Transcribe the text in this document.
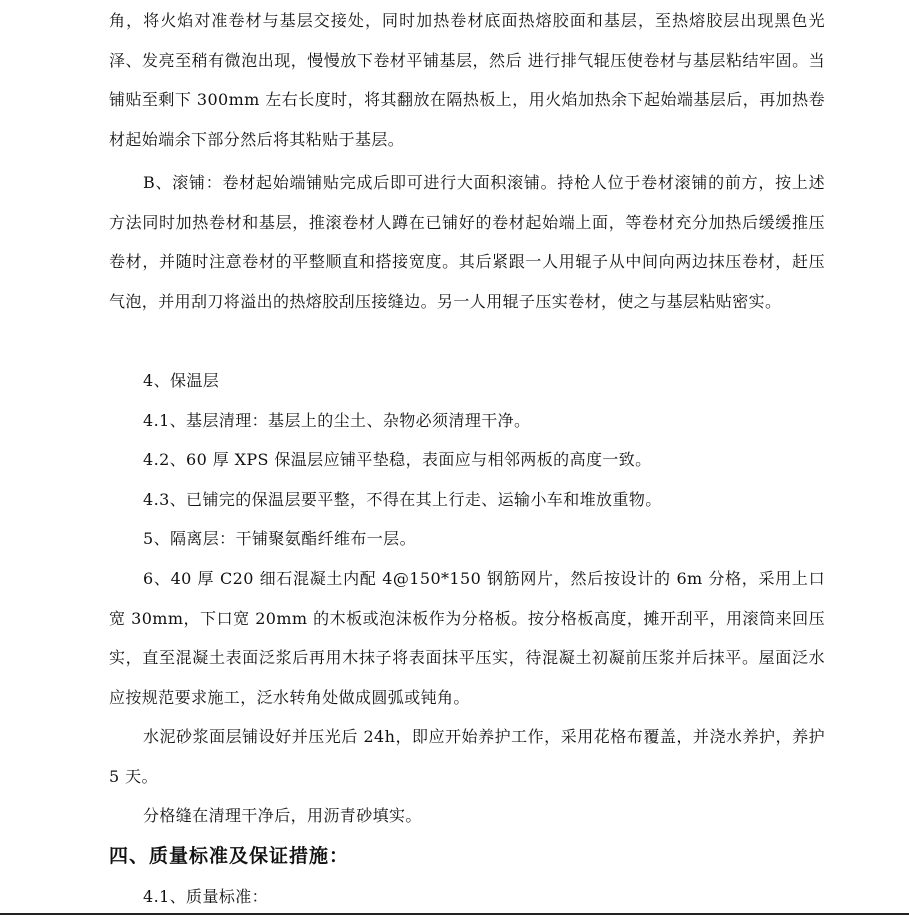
角，将火焰对准卷材与基层交接处，同时加热卷材底面热熔胶面和基层，至热熔胶层出现黑色光泽、发亮至稍有微泡出现，慢慢放下卷材平铺基层，然后 进行排气辊压使卷材与基层粘结牢固。当铺贴至剩下 300mm 左右长度时，将其翻放在隔热板上，用火焰加热余下起始端基层后，再加热卷材起始端余下部分然后将其粘贴于基层。

B、滚铺：卷材起始端铺贴完成后即可进行大面积滚铺。持枪人位于卷材滚铺的前方，按上述方法同时加热卷材和基层，推滚卷材人蹲在已铺好的卷材起始端上面，等卷材充分加热后缓缓推压卷材，并随时注意卷材的平整顺直和搭接宽度。其后紧跟一人用辊子从中间向两边抹压卷材，赶压气泡，并用刮刀将溢出的热熔胶刮压接缝边。另一人用辊子压实卷材，使之与基层粘贴密实。

4、保温层

4.1、基层清理：基层上的尘土、杂物必须清理干净。

4.2、60 厚 XPS 保温层应铺平垫稳，表面应与相邻两板的高度一致。

4.3、已铺完的保温层要平整，不得在其上行走、运输小车和堆放重物。

5、隔离层：干铺聚氨酯纤维布一层。

6、40 厚 C20 细石混凝土内配 4@150*150 钢筋网片，然后按设计的 6m 分格，采用上口宽 30mm，下口宽 20mm 的木板或泡沫板作为分格板。按分格板高度，摊开刮平，用滚筒来回压实，直至混凝土表面泛浆后再用木抹子将表面抹平压实，待混凝土初凝前压浆并后抹平。屋面泛水应按规范要求施工，泛水转角处做成圆弧或钝角。

水泥砂浆面层铺设好并压光后 24h，即应开始养护工作，采用花格布覆盖，并浇水养护，养护 5 天。

分格缝在清理干净后，用沥青砂填实。

四、质量标准及保证措施：

4.1、质量标准：
